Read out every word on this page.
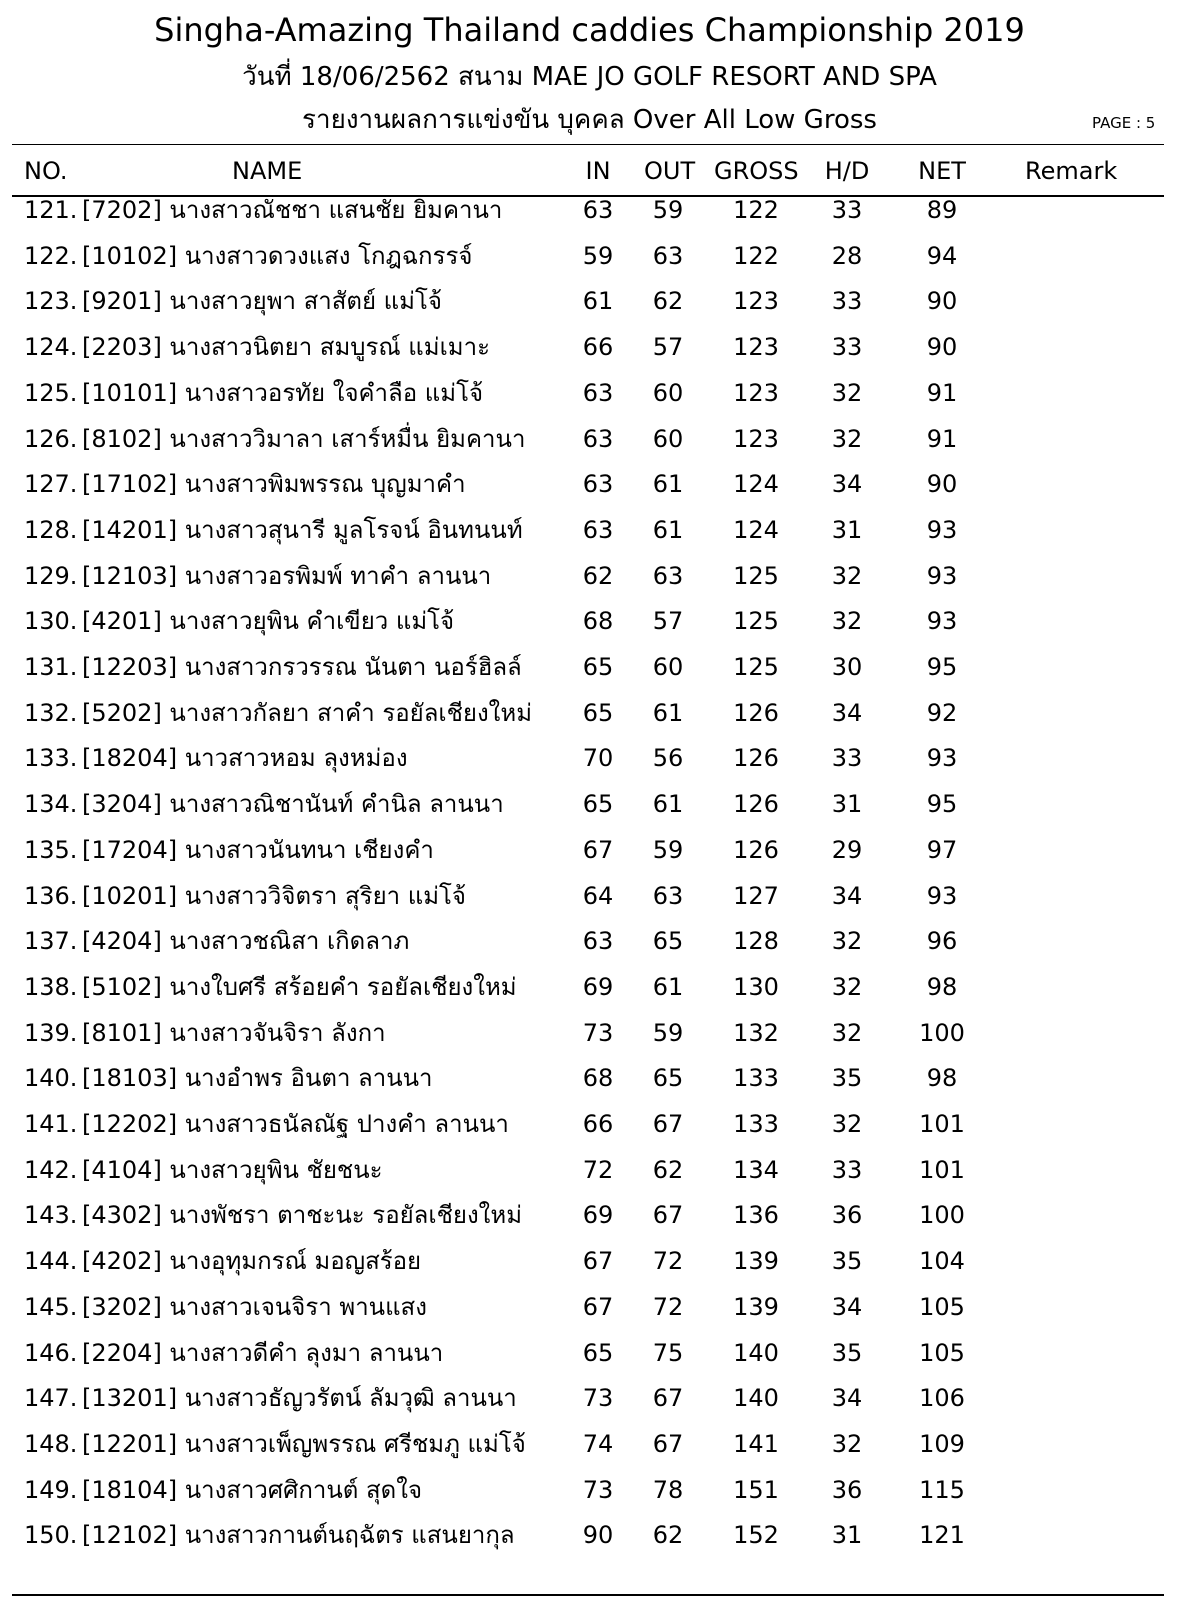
Singha-Amazing Thailand caddies Championship 2019
วันที่ 18/06/2562 สนาม MAE JO GOLF RESORT AND SPA
รายงานผลการแข่งขัน บุคคล Over All Low Gross	PAGE : 5
NO.	NAME	IN OUT GROSS H/D	NET	Remark
121. [7202] นางสาวณัชชา แสนชัย ยิมคานา	63	59	122	33	89
122. [10102] นางสาวดวงแสง โกฎฉกรรจ์	59	63	122	28	94
123. [9201] นางสาวยุพา สาสัตย์ แม่โจ้	61	62	123	33	90
124. [2203] นางสาวนิตยา สมบูรณ์ แม่เมาะ	66	57	123	33	90
125. [10101] นางสาวอรทัย ใจคำลือ แม่โจ้	63	60	123	32	91
126. [8102] นางสาววิมาลา เสาร์หมื่น ยิมคานา 63	60	123	32	91
127. [17102] นางสาวพิมพรรณ บุญมาคำ	63	61	124	34	90
128. [14201] นางสาวสุนารี มูลโรจน์ อินทนนท์	63	61	124	31	93
129. [12103] นางสาวอรพิมพ์ ทาคำ ลานนา	62	63	125	32	93
130. [4201] นางสาวยุพิน คำเขียว แม่โจ้	68	57	125	32	93
131. [12203] นางสาวกรวรรณ นันตา นอร์ฮิลล์	65	60	125	30	95
132. [5202] นางสาวกัลยา สาคำ รอยัลเชียงใหม่ 65	61	126	34	92
133. [18204] นาวสาวหอม ลุงหม่อง	70	56	126	33	93
134. [3204] นางสาวณิชานันท์ คำนิล ลานนา	65	61	126	31	95
135. [17204] นางสาวนันทนา เชียงคำ	67	59	126	29	97
136. [10201] นางสาววิจิตรา สุริยา แม่โจ้	64	63	127	34	93
137. [4204] นางสาวชณิสา เกิดลาภ	63	65	128	32	96
138. [5102] นางใบศรี สร้อยคำ รอยัลเชียงใหม่	69	61	130	32	98
139. [8101] นางสาวจันจิรา ลังกา	73	59	132	32	100
140. [18103] นางอำพร อินตา ลานนา	68	65	133	35	98
141. [12202] นางสาวธนัลณัฐ ปางคำ ลานนา	66	67	133	32	101
142. [4104] นางสาวยุพิน ชัยชนะ	72	62	134	33	101
143. [4302] นางพัชรา ตาชะนะ รอยัลเชียงใหม่	69	67	136	36	100
144. [4202] นางอุทุมกรณ์ มอญสร้อย	67	72	139	35	104
145. [3202] นางสาวเจนจิรา พานแสง	67	72	139	34	105
146. [2204] นางสาวดีคำ ลุงมา ลานนา	65	75	140	35	105
147. [13201] นางสาวธัญวรัตน์ ลัมวุฒิ ลานนา	73	67	140	34	106
148. [12201] นางสาวเพ็ญพรรณ ศรีชมภู แม่โจ้ 74	67	141	32	109
149. [18104] นางสาวศศิกานต์ สุดใจ	73	78	151	36	115
150. [12102] นางสาวกานต์นฤฉัตร แสนยากุล	90	62	152	31	121
